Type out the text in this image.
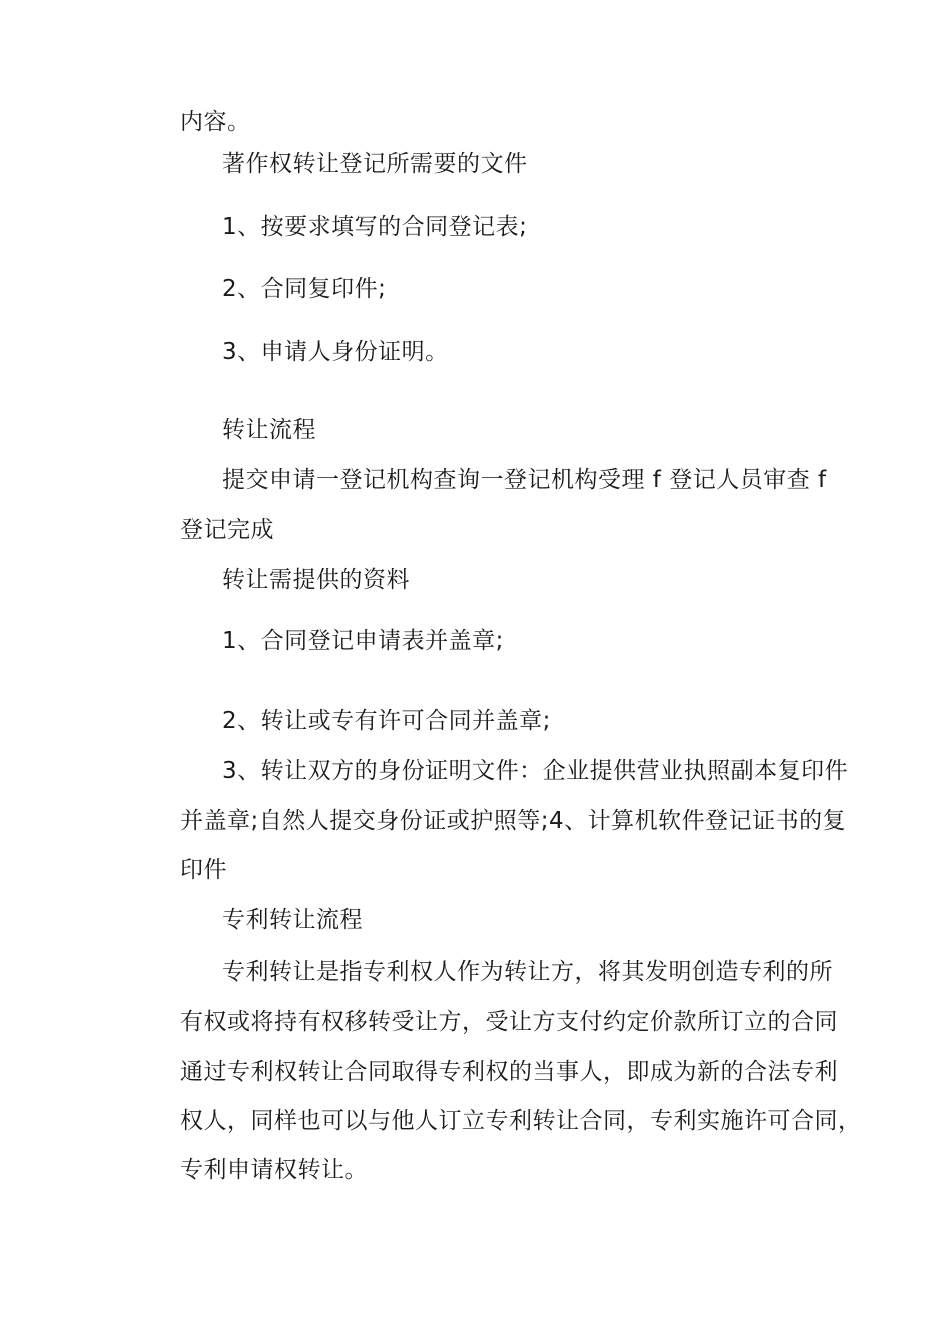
内容。
著作权转让登记所需要的文件
1、按要求填写的合同登记表;
2、合同复印件;
3、申请人身份证明。
转让流程
提交申请一登记机构查询一登记机构受理 f 登记人员审查 f
登记完成
转让需提供的资料
1、合同登记申请表并盖章;
2、转让或专有许可合同并盖章;
3、转让双方的身份证明文件：企业提供营业执照副本复印件
并盖章;自然人提交身份证或护照等;4、计算机软件登记证书的复
印件
专利转让流程
专利转让是指专利权人作为转让方，将其发明创造专利的所
有权或将持有权移转受让方，受让方支付约定价款所订立的合同
通过专利权转让合同取得专利权的当事人，即成为新的合法专利
权人，同样也可以与他人订立专利转让合同，专利实施许可合同，
专利申请权转让。
